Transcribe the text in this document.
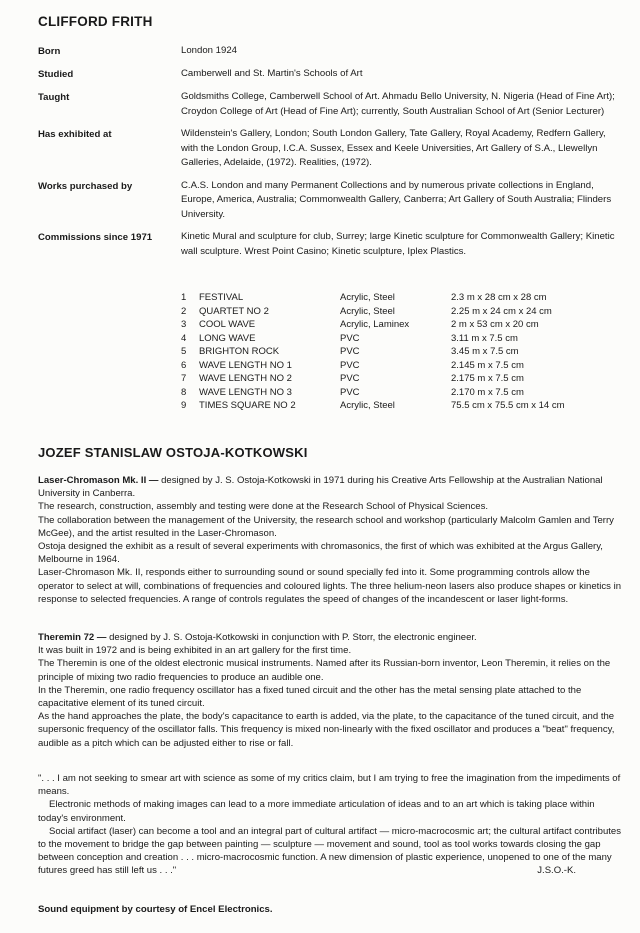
CLIFFORD FRITH
Born	London 1924
Studied	Camberwell and St. Martin's Schools of Art
Taught	Goldsmiths College, Camberwell School of Art. Ahmadu Bello University, N. Nigeria (Head of Fine Art); Croydon College of Art (Head of Fine Art); currently, South Australian School of Art (Senior Lecturer)
Has exhibited at	Wildenstein's Gallery, London; South London Gallery, Tate Gallery, Royal Academy, Redfern Gallery, with the London Group, I.C.A. Sussex, Essex and Keele Universities, Art Gallery of S.A., Llewellyn Galleries, Adelaide, (1972). Realities, (1972).
Works purchased by	C.A.S. London and many Permanent Collections and by numerous private collections in England, Europe, America, Australia; Commonwealth Gallery, Canberra; Art Gallery of South Australia; Flinders University.
Commissions since 1971	Kinetic Mural and sculpture for club, Surrey; large Kinetic sculpture for Commonwealth Gallery; Kinetic wall sculpture. Wrest Point Casino; Kinetic sculpture, Iplex Plastics.
1	FESTIVAL	Acrylic, Steel	2.3 m x 28 cm x 28 cm
2	QUARTET NO 2	Acrylic, Steel	2.25 m x 24 cm x 24 cm
3	COOL WAVE	Acrylic, Laminex	2 m x 53 cm x 20 cm
4	LONG WAVE	PVC	3.11 m x 7.5 cm
5	BRIGHTON ROCK	PVC	3.45 m x 7.5 cm
6	WAVE LENGTH NO 1	PVC	2.145 m x 7.5 cm
7	WAVE LENGTH NO 2	PVC	2.175 m x 7.5 cm
8	WAVE LENGTH NO 3	PVC	2.170 m x 7.5 cm
9	TIMES SQUARE NO 2	Acrylic, Steel	75.5 cm x 75.5 cm x 14 cm
JOZEF STANISLAW OSTOJA-KOTKOWSKI

Laser-Chromason Mk. II — designed by J. S. Ostoja-Kotkowski in 1971 during his Creative Arts Fellowship at the Australian National University in Canberra.

The research, construction, assembly and testing were done at the Research School of Physical Sciences.

The collaboration between the management of the University, the research school and workshop (particularly Malcolm Gamlen and Terry McGee), and the artist resulted in the Laser-Chromason.

Ostoja designed the exhibit as a result of several experiments with chromasonics, the first of which was exhibited at the Argus Gallery, Melbourne in 1964.

Laser-Chromason Mk. II, responds either to surrounding sound or sound specially fed into it. Some programming controls allow the operator to select at will, combinations of frequencies and coloured lights. The three helium-neon lasers also produce shapes or kinetics in response to selected frequencies. A range of controls regulates the speed of changes of the incandescent or laser light-forms.

Theremin 72 — designed by J. S. Ostoja-Kotkowski in conjunction with P. Storr, the electronic engineer.

It was built in 1972 and is being exhibited in an art gallery for the first time.

The Theremin is one of the oldest electronic musical instruments. Named after its Russian-born inventor, Leon Theremin, it relies on the principle of mixing two radio frequencies to produce an audible one.

In the Theremin, one radio frequency oscillator has a fixed tuned circuit and the other has the metal sensing plate attached to the capacitative element of its tuned circuit.

As the hand approaches the plate, the body's capacitance to earth is added, via the plate, to the capacitance of the tuned circuit, and the supersonic frequency of the oscillator falls. This frequency is mixed non-linearly with the fixed oscillator and produces a "beat" frequency, audible as a pitch which can be adjusted either to rise or fall.

". . . I am not seeking to smear art with science as some of my critics claim, but I am trying to free the imagination from the impediments of means.

Electronic methods of making images can lead to a more immediate articulation of ideas and to an art which is taking place within today's environment.

Social artifact (laser) can become a tool and an integral part of cultural artifact — micro-macrocosmic art; the cultural artifact contributes to the movement to bridge the gap between painting — sculpture — movement and sound, tool as tool works towards closing the gap between conception and creation . . . micro-macrocosmic function. A new dimension of plastic experience, unopened to one of the many futures greed has still left us . . ."	J.S.O.-K.

Sound equipment by courtesy of Encel Electronics.
